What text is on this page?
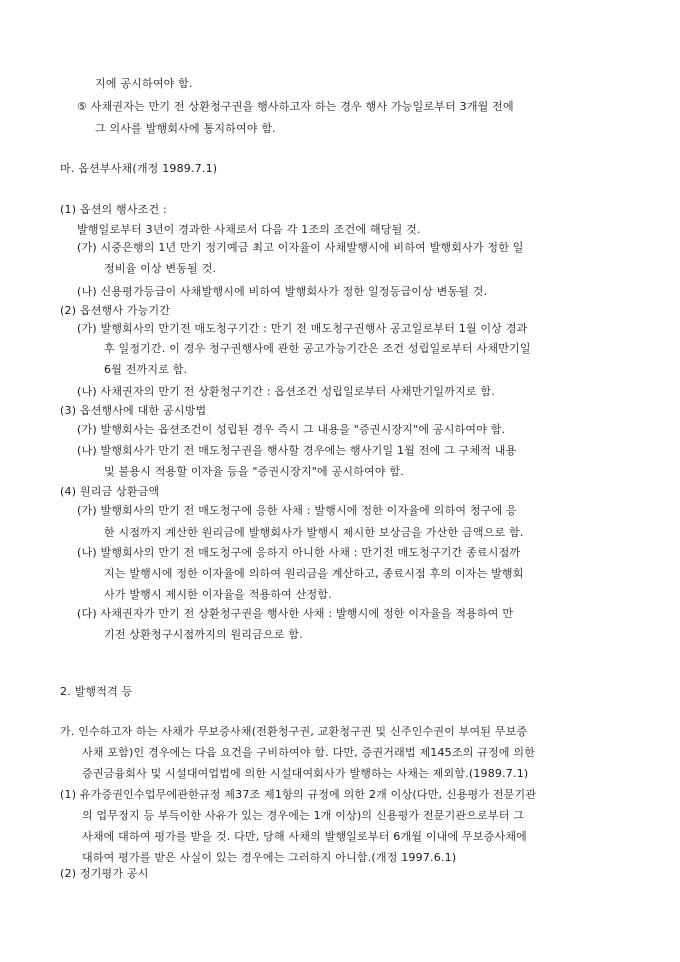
지에 공시하여야 함.
⑤ 사채권자는 만기 전 상환청구권을 행사하고자 하는 경우 행사 가능일로부터 3개월 전에
그 의사를 발행회사에 통지하여야 함.
마. 옵션부사채(개정 1989.7.1)
(1) 옵션의 행사조건 :
발행일로부터 3년이 경과한 사채로서 다음 각 1조의 조건에 해당될 것.
(가) 시중은행의 1년 만기 정기예금 최고 이자율이 사채발행시에 비하여 발행회사가 정한 일
정비율 이상 변동될 것.
(나) 신용평가등급이 사채발행시에 비하여 발행회사가 정한 일정등급이상 변동될 것.
(2) 옵션행사 가능기간
(가) 발행회사의 만기전 매도청구기간 : 만기 전 매도청구권행사 공고일로부터 1월 이상 경과
후 일정기간. 이 경우 청구권행사에 관한 공고가능기간은 조건 성립일로부터 사채만기일
6월 전까지로 함.
(나) 사채권자의 만기 전 상환청구기간 : 옵션조건 성립일로부터 사채만기일까지로 함.
(3) 옵션행사에 대한 공시방법
(가) 발행회사는 옵션조건이 성립된 경우 즉시 그 내용을 "증권시장지"에 공시하여야 함.
(나) 발행회사가 만기 전 매도청구권을 행사할 경우에는 행사기일 1월 전에 그 구체적 내용
및 불용시 적용할 이자율 등을 "증권시장지"에 공시하여야 함.
(4) 원리금 상환금액
(가) 발행회사의 만기 전 매도청구에 응한 사채 : 발행시에 정한 이자율에 의하여 청구에 응
한 시점까지 계산한 원리금에 발행회사가 발행시 제시한 보상금을 가산한 금액으로 함.
(나) 발행회사의 만기 전 매도청구에 응하지 아니한 사채 : 만기전 매도청구기간 종료시점까
지는 발행시에 정한 이자율에 의하여 원리금을 계산하고, 종료시점 후의 이자는 발행회
사가 발행시 제시한 이자율을 적용하여 산정함.
(다) 사채권자가 만기 전 상환청구권을 행사한 사채 : 발행시에 정한 이자율을 적용하여 만
기전 상환청구시점까지의 원리금으로 함.
2. 발행적격 등
가. 인수하고자 하는 사채가 무보증사채(전환청구권, 교환청구권 및 신주인수권이 부여된 무보증
사채 포함)인 경우에는 다음 요건을 구비하여야 함. 다만, 증권거래법 제145조의 규정에 의한
증권금융회사 및 시설대여업법에 의한 시설대여회사가 발행하는 사채는 제외함.(1989.7.1)
(1) 유가증권인수업무에관한규정 제37조 제1항의 규정에 의한 2개 이상(다만, 신용평가 전문기관
의 업무정지 등 부득이한 사유가 있는 경우에는 1개 이상)의 신용평가 전문기관으로부터 그
사채에 대하여 평가를 받을 것. 다만, 당해 사채의 발행일로부터 6개월 이내에 무보증사채에
대하여 평가를 받은 사실이 있는 경우에는 그러하지 아니함.(개정 1997.6.1)
(2) 정기평가 공시
